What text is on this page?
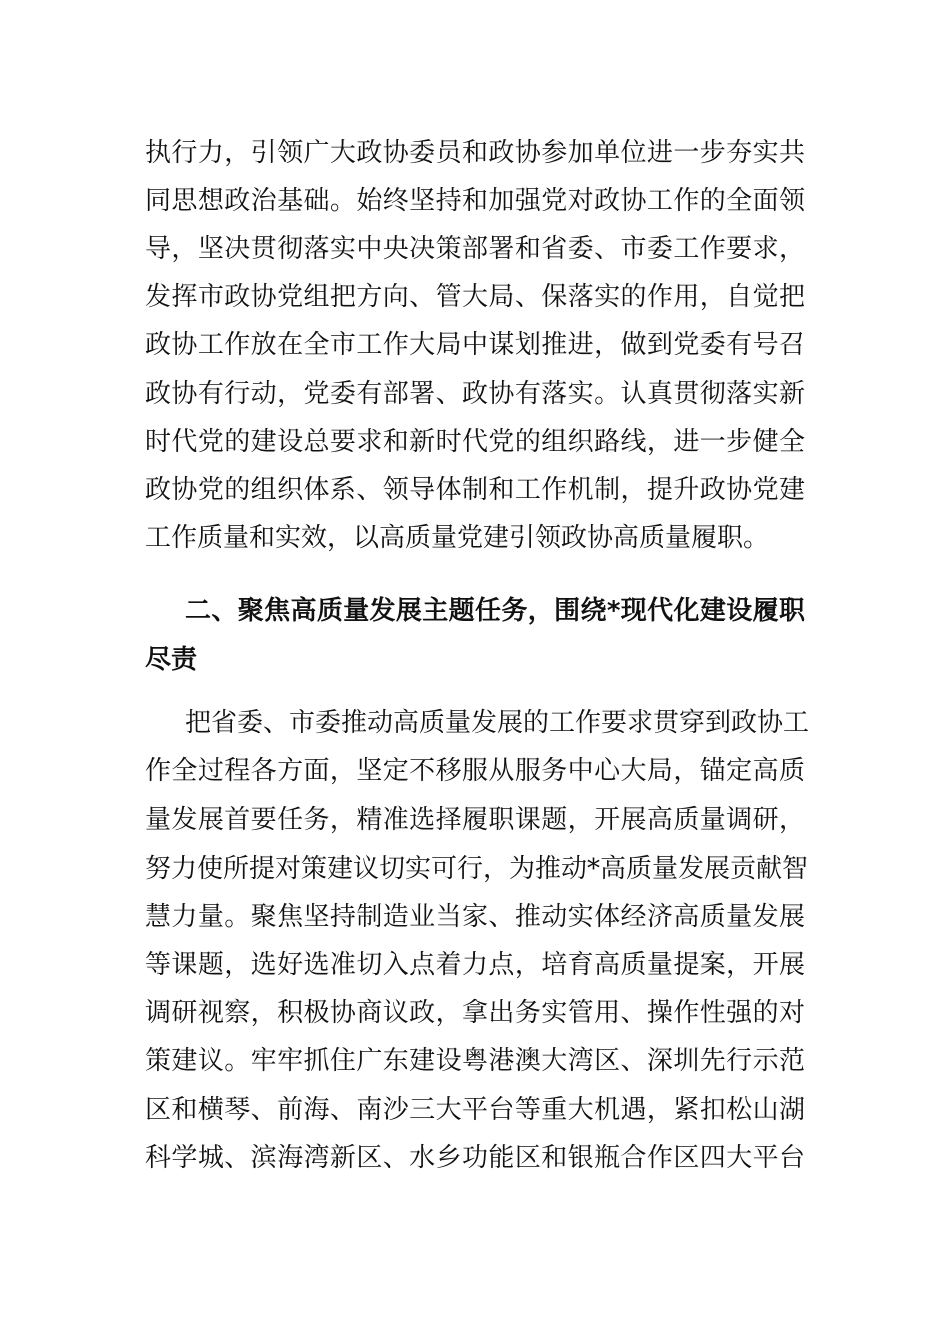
执行力，引领广大政协委员和政协参加单位进一步夯实共
同思想政治基础。始终坚持和加强党对政协工作的全面领
导，坚决贯彻落实中央决策部署和省委、市委工作要求，
发挥市政协党组把方向、管大局、保落实的作用，自觉把
政协工作放在全市工作大局中谋划推进，做到党委有号召
政协有行动，党委有部署、政协有落实。认真贯彻落实新
时代党的建设总要求和新时代党的组织路线，进一步健全
政协党的组织体系、领导体制和工作机制，提升政协党建
工作质量和实效，以高质量党建引领政协高质量履职。
二、聚焦高质量发展主题任务，围绕*现代化建设履职
尽责
把省委、市委推动高质量发展的工作要求贯穿到政协工
作全过程各方面，坚定不移服从服务中心大局，锚定高质
量发展首要任务，精准选择履职课题，开展高质量调研，
努力使所提对策建议切实可行，为推动*高质量发展贡献智
慧力量。聚焦坚持制造业当家、推动实体经济高质量发展
等课题，选好选准切入点着力点，培育高质量提案，开展
调研视察，积极协商议政，拿出务实管用、操作性强的对
策建议。牢牢抓住广东建设粤港澳大湾区、深圳先行示范
区和横琴、前海、南沙三大平台等重大机遇，紧扣松山湖
科学城、滨海湾新区、水乡功能区和银瓶合作区四大平台
